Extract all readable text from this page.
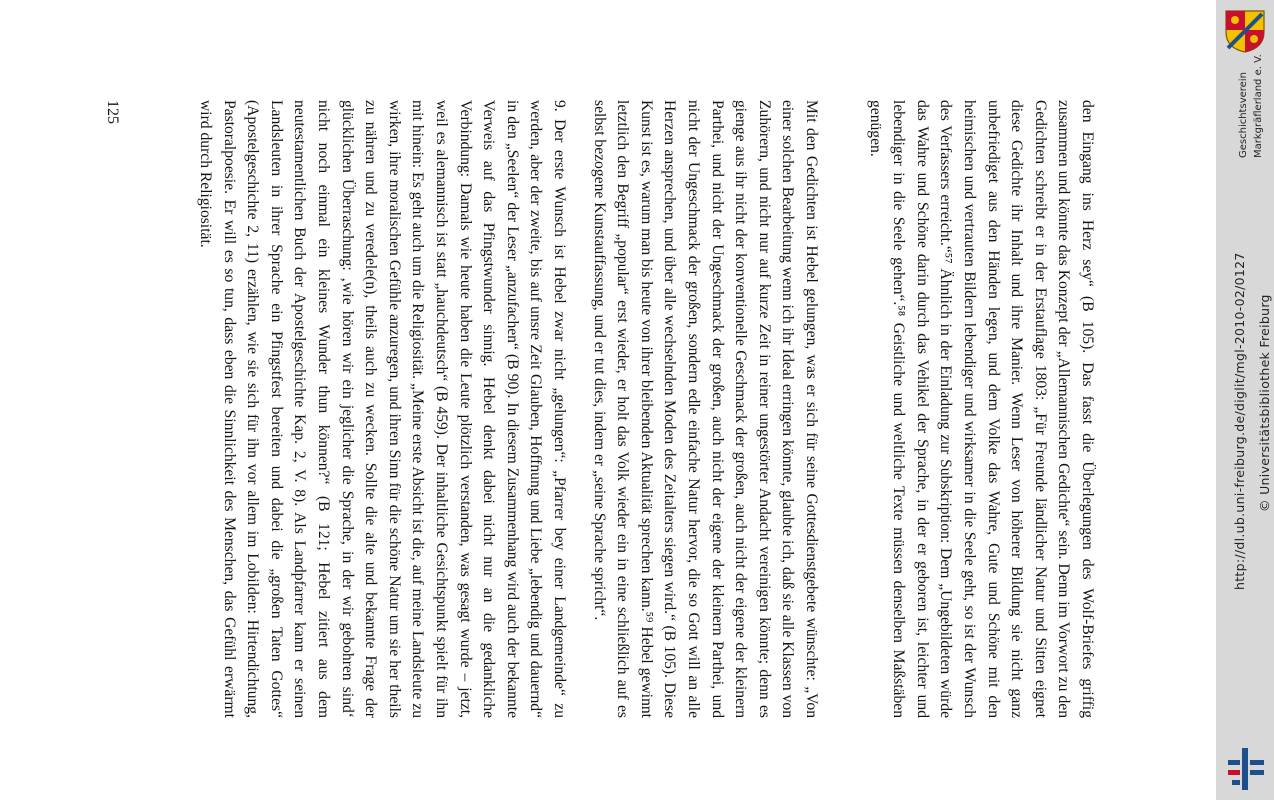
den Eingang ins Herz sey“ (B 105). Das fasst die Überlegungen des Wolf-Briefes griffig zusammen und könnte das Konzept der „Allemannischen Gedichte“ sein. Denn im Vorwort zu den Gedichten schreibt er in der Erstauflage 1803: „Für Freunde ländlicher Natur und Sitten eignet diese Gedichte ihr Inhalt und ihre Manier. Wenn Leser von höherer Bildung sie nicht ganz unbefriediget aus den Händen legen, und dem Volke das Wahre, Gute und Schöne mit den heimischen und vertrauten Bildern lebendiger und wirksamer in die Seele geht, so ist der Wunsch des Verfassers erreicht.“⁵⁷ Ähnlich in der Einladung zur Subskription: Dem „Ungebildeten würde das Wahre und Schöne darin durch das Vehikel der Sprache, in der er geboren ist, leichter und lebendiger in die Seele gehen“.⁵⁸ Geistliche und weltliche Texte müssen denselben Maßstäben genügen.

Mit den Gedichten ist Hebel gelungen, was er sich für seine Gottesdienstgebete wünschte: „Von einer solchen Bearbeitung wenn ich ihr Ideal erringen könnte, glaubte ich, daß sie alle Klassen von Zuhörern, und nicht nur auf kurze Zeit in reiner ungestörter Andacht vereinigen könnte; denn es gienge aus ihr nicht der konventionelle Geschmack der großen, auch nicht der eigene der kleinern Parthei, und nicht der Ungeschmack der großen, auch nicht der eigene der kleinern Parthei, und nicht der Ungeschmack der großen, sondern edle einfache Natur hervor, die so Gott will an alle Herzen ansprechen, und über alle wechselnden Moden des Zeitalters siegen wird.“ (B 105). Diese Kunst ist es, warum man bis heute von ihrer bleibenden Aktualität sprechen kann.⁵⁹ Hebel gewinnt letztlich den Begriff „popular“ erst wieder, er holt das Volk wieder ein in eine schließlich auf es selbst bezogene Kunstauffassung, und er tut dies, indem er „seine Sprache spricht“.

9. Der erste Wunsch ist Hebel zwar nicht „gelungen“: „Pfarrer bey einer Landgemeinde“ zu werden, aber der zweite, bis auf unsre Zeit Glauben, Hoffnung und Liebe „lebendig und dauernd“ in den „Seelen“ der Leser „anzufachen“ (B 90). In diesem Zusammenhang wird auch der bekannte Verweis auf das Pfingstwunder sinnig. Hebel denkt dabei nicht nur an die gedankliche Verbindung: Damals wie heute haben die Leute plötzlich verstanden, was gesagt wurde – jetzt, weil es alemannisch ist statt „hauchdeutsch“ (B 459). Der inhaltliche Gesichtspunkt spielt für ihn mit hinein: Es geht auch um die Religiosität. „Meine erste Absicht ist die, auf meine Landsleute zu wirken, ihre moralischen Gefühle anzuregen, und ihren Sinn für die schöne Natur um sie her theils zu nähren und zu veredele(n), theils auch zu wecken. Sollte die alte und bekannte Frage der glücklichen Überraschung: ‚wie hören wir ein jeglicher die Sprache, in der wir gebohren sind‘ nicht noch einmal ein kleines Wunder thun können?“ (B 121; Hebel zitiert aus dem neutestamentlichen Buch der Apostelgeschichte Kap. 2, V. 8). Als Landpfarrer kann er seinen Landsleuten in ihrer Sprache ein Pfingstfest bereiten und dabei die „großen Taten Gottes“ (Apostelgeschichte 2, 11) erzählen, wie sie sich für ihn vor allem im Lobilden: Hirtendichtung, Pastoralpoesie. Er will es so tun, dass eben die Sinnlichkeit des Menschen, das Gefühl erwärmt wird durch Religiosität.

125	Geschichtsverein Markgräflerland e. V.
http://dl.ub.uni-freiburg.de/diglit/mgl-2010-02/0127 © Universitätsbibliothek Freiburg
